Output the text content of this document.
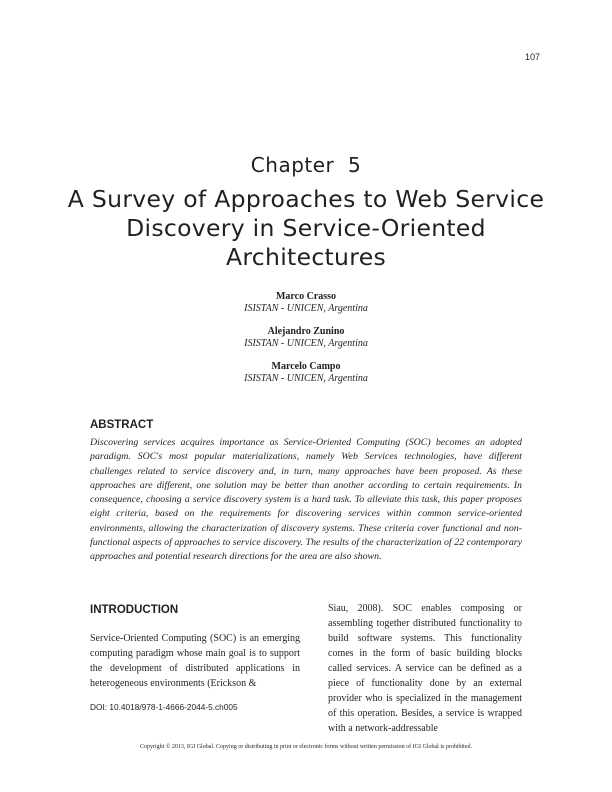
107
Chapter  5
A Survey of Approaches to Web Service Discovery in Service-Oriented Architectures
Marco Crasso
ISISTAN - UNICEN, Argentina
Alejandro Zunino
ISISTAN - UNICEN, Argentina
Marcelo Campo
ISISTAN - UNICEN, Argentina
ABSTRACT

Discovering services acquires importance as Service-Oriented Computing (SOC) becomes an adopted paradigm. SOC's most popular materializations, namely Web Services technologies, have different challenges related to service discovery and, in turn, many approaches have been proposed. As these approaches are different, one solution may be better than another according to certain requirements. In consequence, choosing a service discovery system is a hard task. To alleviate this task, this paper proposes eight criteria, based on the requirements for discovering services within common service-oriented environments, allowing the characterization of discovery systems. These criteria cover functional and non-functional aspects of approaches to service discovery. The results of the characterization of 22 contemporary approaches and potential research directions for the area are also shown.

INTRODUCTION

Service-Oriented Computing (SOC) is an emerging computing paradigm whose main goal is to support the development of distributed applications in heterogeneous environments (Erickson &

Siau, 2008). SOC enables composing or assembling together distributed functionality to build software systems. This functionality comes in the form of basic building blocks called services. A service can be defined as a piece of functionality done by an external provider who is specialized in the management of this operation. Besides, a service is wrapped with a network-addressable

DOI: 10.4018/978-1-4666-2044-5.ch005
Copyright © 2013, IGI Global. Copying or distributing in print or electronic forms without written permission of IGI Global is prohibited.
